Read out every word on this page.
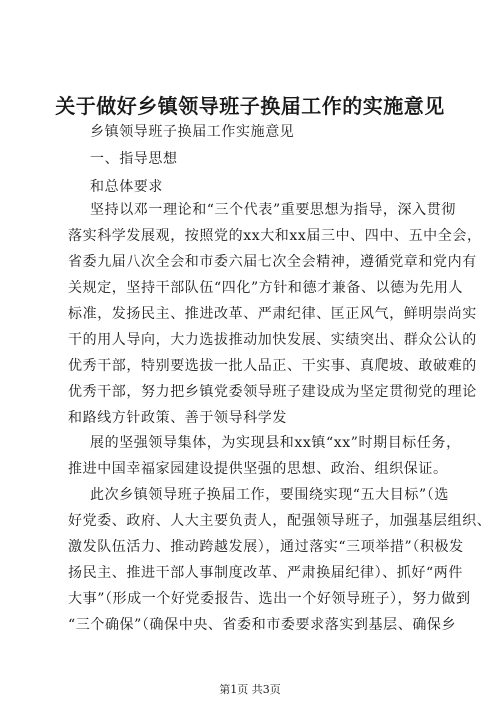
关于做好乡镇领导班子换届工作的实施意见
乡镇领导班子换届工作实施意见
一、指导思想
和总体要求
坚持以邓一理论和“三个代表”重要思想为指导，深入贯彻
落实科学发展观，按照党的xx大和xx届三中、四中、五中全会，
省委九届八次全会和市委六届七次全会精神，遵循党章和党内有
关规定，坚持干部队伍“四化”方针和德才兼备、以德为先用人
标准，发扬民主、推进改革、严肃纪律、匡正风气，鲜明崇尚实
干的用人导向，大力选拔推动加快发展、实绩突出、群众公认的
优秀干部，特别要选拔一批人品正、干实事、真爬坡、敢破难的
优秀干部，努力把乡镇党委领导班子建设成为坚定贯彻党的理论
和路线方针政策、善于领导科学发
展的坚强领导集体，为实现县和xx镇“xx”时期目标任务，
推进中国幸福家园建设提供坚强的思想、政治、组织保证。
此次乡镇领导班子换届工作，要围绕实现“五大目标”（选
好党委、政府、人大主要负责人，配强领导班子，加强基层组织、
激发队伍活力、推动跨越发展），通过落实“三项举措”（积极发
扬民主、推进干部人事制度改革、严肃换届纪律）、抓好“两件
大事”（形成一个好党委报告、选出一个好领导班子），努力做到
“三个确保”（确保中央、省委和市委要求落实到基层、确保乡
第1页 共3页
